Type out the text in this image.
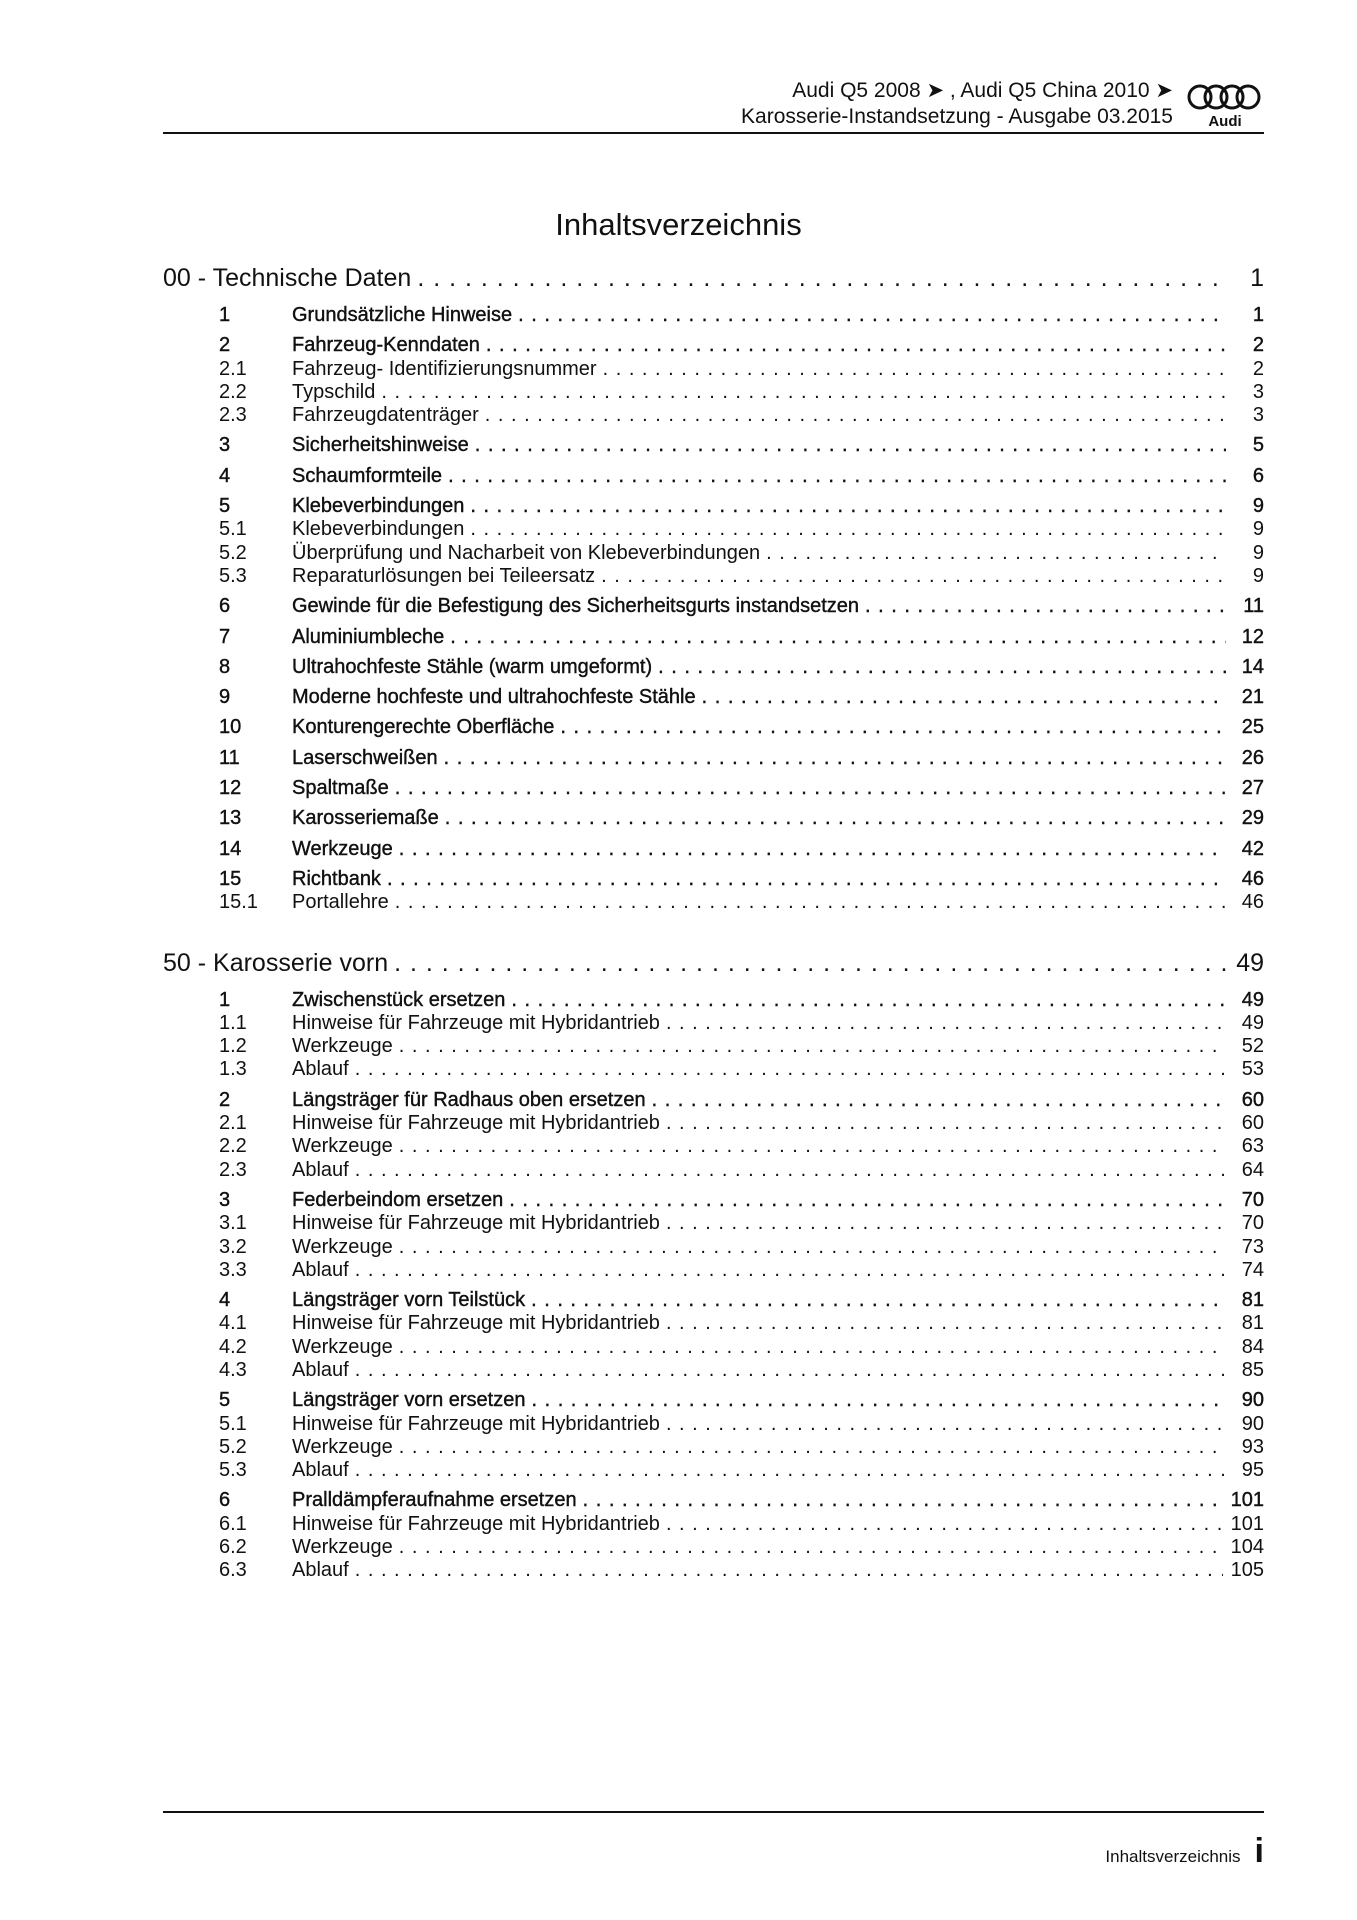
Audi Q5 2008 ➤ , Audi Q5 China 2010 ➤
Karosserie-Instandsetzung - Ausgabe 03.2015 Audi
Inhaltsverzeichnis
00 - Technische Daten . . .	1
1	Grundsätzliche Hinweise . . .	1
2	Fahrzeug-Kenndaten . . .	2
2.1	Fahrzeug- Identifizierungsnummer . . .	2
2.2	Typschild . . .	3
2.3	Fahrzeugdatenträger . . .	3
3	Sicherheitshinweise . . .	5
4	Schaumformteile . . .	6
5	Klebeverbindungen . . .	9
5.1	Klebeverbindungen . . .	9
5.2	Überprüfung und Nacharbeit von Klebeverbindungen . . .	9
5.3	Reparaturlösungen bei Teileersatz . . .	9
6	Gewinde für die Befestigung des Sicherheitsgurts instandsetzen . . .	11
7	Aluminiumbleche . . .	12
8	Ultrahochfeste Stähle (warm umgeformt) . . .	14
9	Moderne hochfeste und ultrahochfeste Stähle . . .	21
10	Konturengerechte Oberfläche . . .	25
11	Laserschweißen . . .	26
12	Spaltmaße . . .	27
13	Karosseriemaße . . .	29
14	Werkzeuge . . .	42
15	Richtbank . . .	46
15.1	Portallehre . . .	46
50 - Karosserie vorn . . .	49
1	Zwischenstück ersetzen . . .	49
1.1	Hinweise für Fahrzeuge mit Hybridantrieb . . .	49
1.2	Werkzeuge . . .	52
1.3	Ablauf . . .	53
2	Längsträger für Radhaus oben ersetzen . . .	60
2.1	Hinweise für Fahrzeuge mit Hybridantrieb . . .	60
2.2	Werkzeuge . . .	63
2.3	Ablauf . . .	64
3	Federbeindom ersetzen . . .	70
3.1	Hinweise für Fahrzeuge mit Hybridantrieb . . .	70
3.2	Werkzeuge . . .	73
3.3	Ablauf . . .	74
4	Längsträger vorn Teilstück . . .	81
4.1	Hinweise für Fahrzeuge mit Hybridantrieb . . .	81
4.2	Werkzeuge . . .	84
4.3	Ablauf . . .	85
5	Längsträger vorn ersetzen . . .	90
5.1	Hinweise für Fahrzeuge mit Hybridantrieb . . .	90
5.2	Werkzeuge . . .	93
5.3	Ablauf . . .	95
6	Pralldämpferaufnahme ersetzen . . .	101
6.1	Hinweise für Fahrzeuge mit Hybridantrieb . . .	101
6.2	Werkzeuge . . .	104
6.3	Ablauf . . .	105
Inhaltsverzeichnis i
